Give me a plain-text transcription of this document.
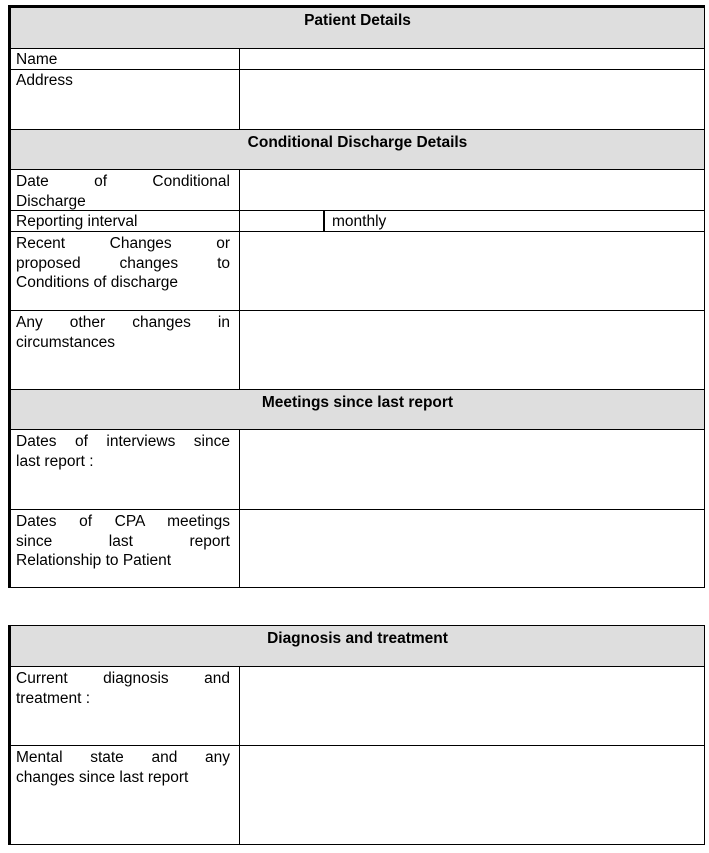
Patient Details
Name
Address
Conditional Discharge Details
Date of Conditional
Discharge
Reporting interval	monthly
Recent Changes or
proposed changes to
Conditions of discharge
Any other changes in
circumstances
Meetings since last report
Dates of interviews since
last report :
Dates of CPA meetings
since last report
Relationship to Patient
Diagnosis and treatment
Current diagnosis and
treatment :
Mental state and any
changes since last report
